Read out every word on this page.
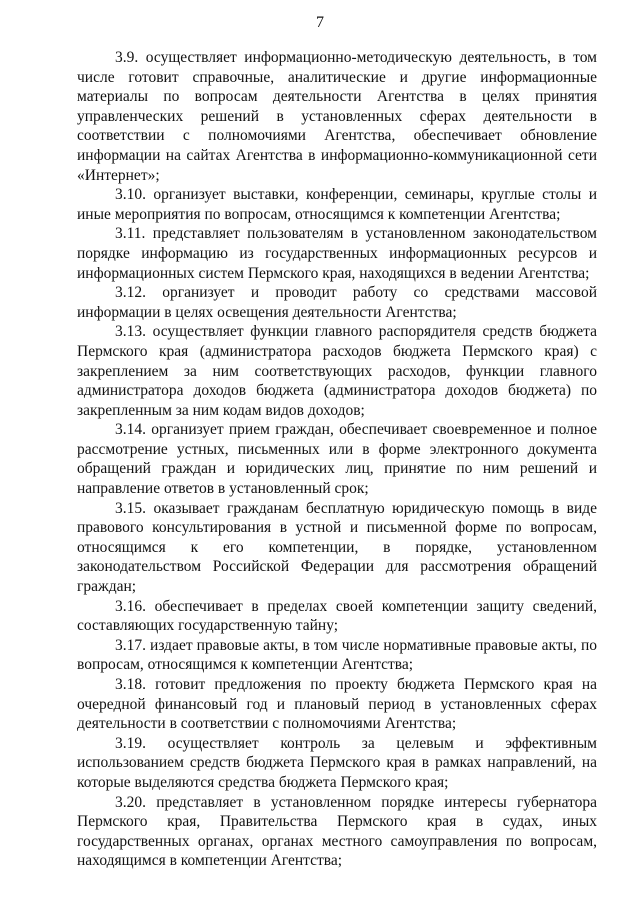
7

3.9. осуществляет информационно-методическую деятельность, в том числе готовит справочные, аналитические и другие информационные материалы по вопросам деятельности Агентства в целях принятия управленческих решений в установленных сферах деятельности в соответствии с полномочиями Агентства, обеспечивает обновление информации на сайтах Агентства в информационно-коммуникационной сети «Интернет»;

3.10. организует выставки, конференции, семинары, круглые столы и иные мероприятия по вопросам, относящимся к компетенции Агентства;

3.11. представляет пользователям в установленном законодательством порядке информацию из государственных информационных ресурсов и информационных систем Пермского края, находящихся в ведении Агентства;

3.12. организует и проводит работу со средствами массовой информации в целях освещения деятельности Агентства;

3.13. осуществляет функции главного распорядителя средств бюджета Пермского края (администратора расходов бюджета Пермского края) с закреплением за ним соответствующих расходов, функции главного администратора доходов бюджета (администратора доходов бюджета) по закрепленным за ним кодам видов доходов;

3.14. организует прием граждан, обеспечивает своевременное и полное рассмотрение устных, письменных или в форме электронного документа обращений граждан и юридических лиц, принятие по ним решений и направление ответов в установленный срок;

3.15. оказывает гражданам бесплатную юридическую помощь в виде правового консультирования в устной и письменной форме по вопросам, относящимся к его компетенции, в порядке, установленном законодательством Российской Федерации для рассмотрения обращений граждан;

3.16. обеспечивает в пределах своей компетенции защиту сведений, составляющих государственную тайну;

3.17. издает правовые акты, в том числе нормативные правовые акты, по вопросам, относящимся к компетенции Агентства;

3.18. готовит предложения по проекту бюджета Пермского края на очередной финансовый год и плановый период в установленных сферах деятельности в соответствии с полномочиями Агентства;

3.19. осуществляет контроль за целевым и эффективным использованием средств бюджета Пермского края в рамках направлений, на которые выделяются средства бюджета Пермского края;

3.20. представляет в установленном порядке интересы губернатора Пермского края, Правительства Пермского края в судах, иных государственных органах, органах местного самоуправления по вопросам, находящимся в компетенции Агентства;
